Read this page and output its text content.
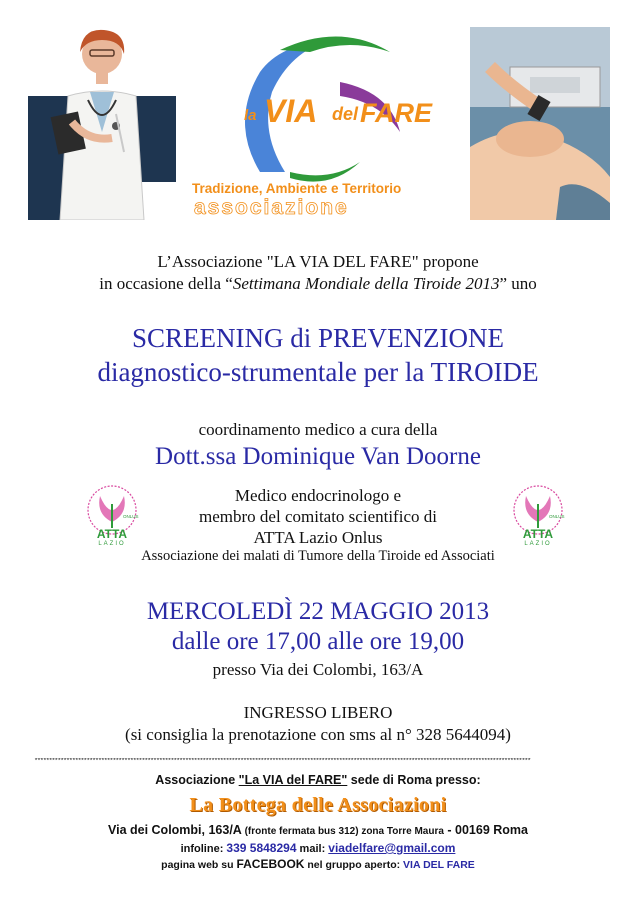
la VIA del FARE
Tradizione, Ambiente e Territorio
associazione
L’Associazione "LA VIA DEL FARE" propone
in occasione della “Settimana Mondiale della Tiroide 2013” uno
SCREENING di PREVENZIONE
diagnostico-strumentale per la TIROIDE
coordinamento medico a cura della
Dott.ssa Dominique Van Doorne
ONLUS
ATTA
LAZIO
ONLUS
ATTA
LAZIO
Medico endocrinologo e
membro del comitato scientifico di
ATTA Lazio Onlus
Associazione dei malati di Tumore della Tiroide ed Associati
MERCOLEDÌ 22 MAGGIO 2013
dalle ore 17,00 alle ore 19,00
presso Via dei Colombi, 163/A
INGRESSO LIBERO
(si consiglia la prenotazione con sms al n° 328 5644094)
***************************************************************************************************************************************************************************
Associazione "La VIA del FARE" sede di Roma presso:
La Bottega delle Associazioni
Via dei Colombi, 163/A (fronte fermata bus 312) zona Torre Maura - 00169 Roma
infoline: 339 5848294 mail: viadelfare@gmail.com
pagina web su FACEBOOK nel gruppo aperto: VIA DEL FARE
